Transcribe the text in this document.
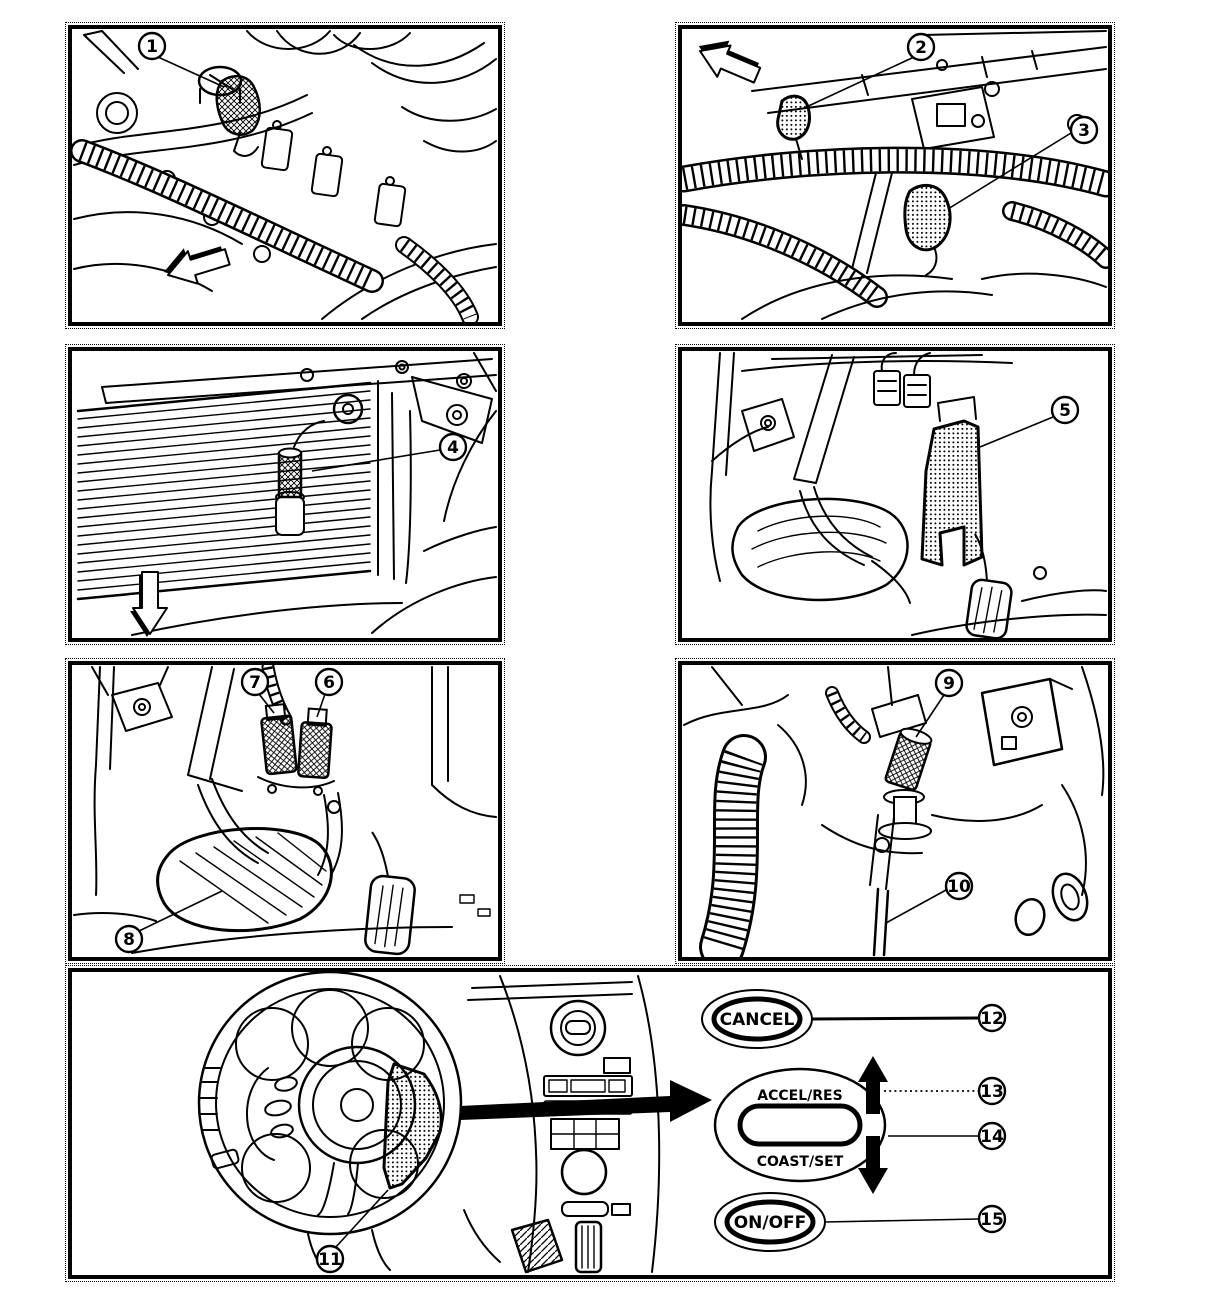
1	2
3
4
5
7	6
8
9
10
CANCEL
ACCEL/RES
COAST/SET
ON/OFF
11
12
13
14
15
